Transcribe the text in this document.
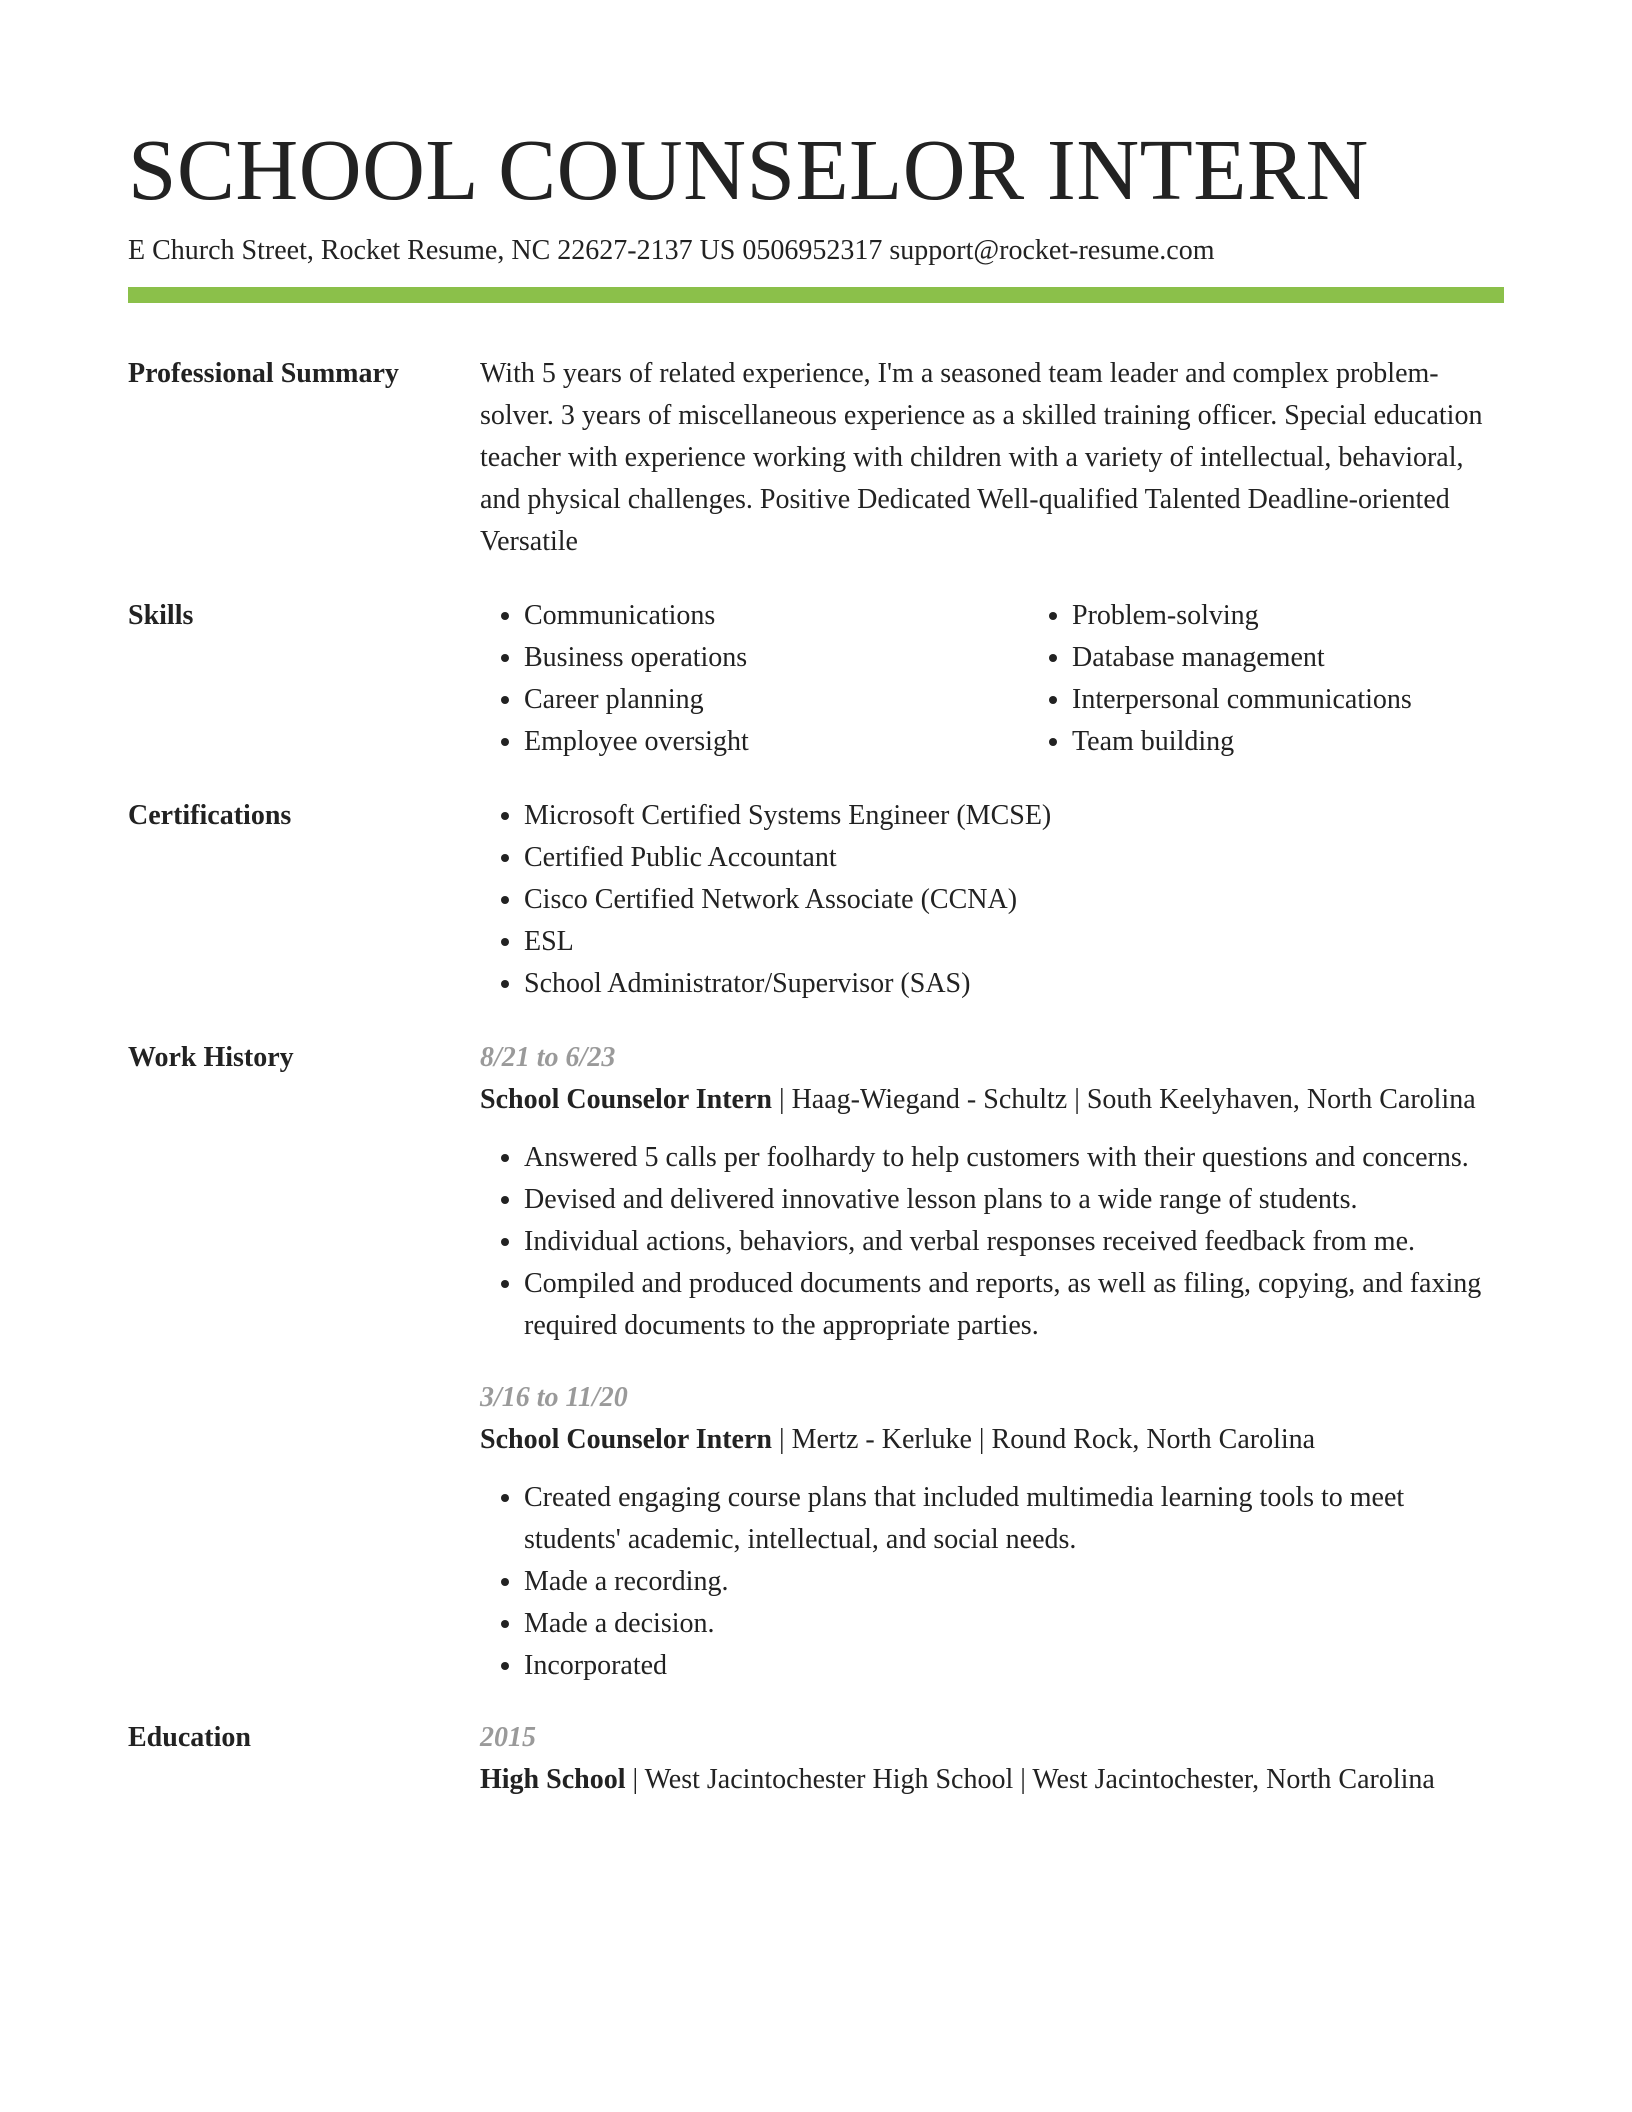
SCHOOL COUNSELOR INTERN
E Church Street, Rocket Resume, NC 22627-2137 US 0506952317 support@rocket-resume.com
Professional Summary	With 5 years of related experience, I'm a seasoned team leader and complex problem-solver. 3 years of miscellaneous experience as a skilled training officer. Special education teacher with experience working with children with a variety of intellectual, behavioral, and physical challenges. Positive Dedicated Well-qualified Talented Deadline-oriented Versatile
Skills	• Communications
• Business operations
• Career planning
• Employee oversight
• Problem-solving
• Database management
• Interpersonal communications
• Team building
Certifications	• Microsoft Certified Systems Engineer (MCSE)
• Certified Public Accountant
• Cisco Certified Network Associate (CCNA)
• ESL
• School Administrator/Supervisor (SAS)
Work History	8/21 to 6/23

School Counselor Intern | Haag-Wiegand - Schultz | South Keelyhaven, North Carolina

• Answered 5 calls per foolhardy to help customers with their questions and concerns.
• Devised and delivered innovative lesson plans to a wide range of students.
• Individual actions, behaviors, and verbal responses received feedback from me.
• Compiled and produced documents and reports, as well as filing, copying, and faxing required documents to the appropriate parties.
3/16 to 11/20

School Counselor Intern | Mertz - Kerluke | Round Rock, North Carolina

• Created engaging course plans that included multimedia learning tools to meet students' academic, intellectual, and social needs.
• Made a recording.
• Made a decision.
• Incorporated
Education	2015

High School | West Jacintochester High School | West Jacintochester, North Carolina
